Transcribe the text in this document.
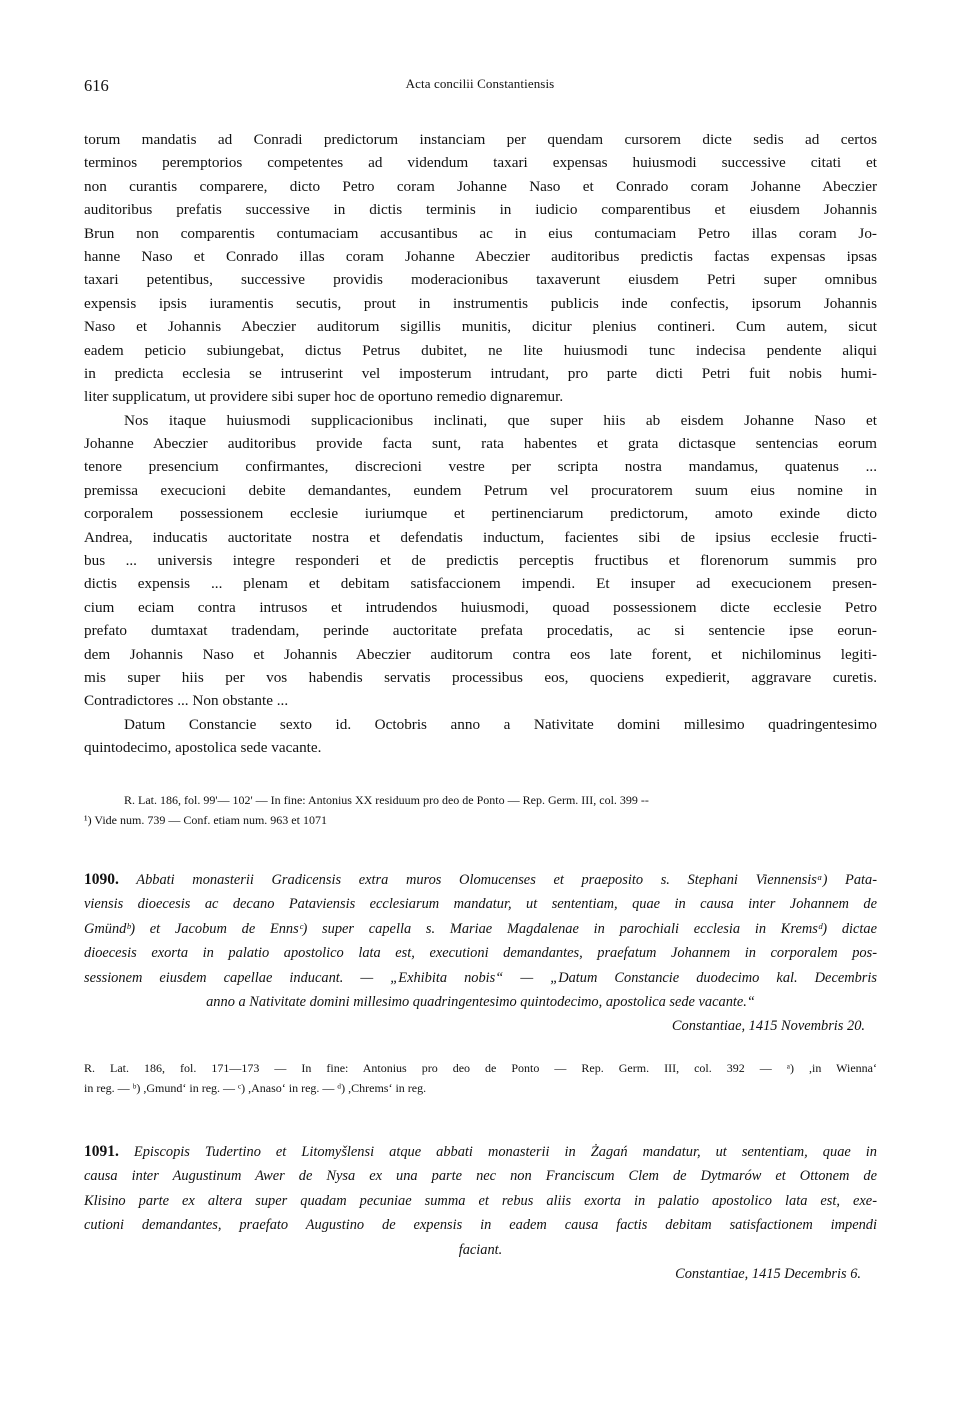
616	Acta concilii Constantiensis
torum mandatis ad Conradi predictorum instanciam per quendam cursorem dicte sedis ad certos
terminos peremptorios competentes ad videndum taxari expensas huiusmodi successive citati et
non curantis comparere, dicto Petro coram Johanne Naso et Conrado coram Johanne Abeczier
auditoribus prefatis successive in dictis terminis in iudicio comparentibus et eiusdem Johannis
Brun non comparentis contumaciam accusantibus ac in eius contumaciam Petro illas coram Jo-
hanne Naso et Conrado illas coram Johanne Abeczier auditoribus predictis factas expensas ipsas
taxari petentibus, successive providis moderacionibus taxaverunt eiusdem Petri super omnibus
expensis ipsis iuramentis secutis, prout in instrumentis publicis inde confectis, ipsorum Johannis
Naso et Johannis Abeczier auditorum sigillis munitis, dicitur plenius contineri. Cum autem, sicut
eadem peticio subiungebat, dictus Petrus dubitet, ne lite huiusmodi tunc indecisa pendente aliqui
in predicta ecclesia se intruserint vel imposterum intrudant, pro parte dicti Petri fuit nobis humi-
liter supplicatum, ut providere sibi super hoc de oportuno remedio dignaremur.
Nos itaque huiusmodi supplicacionibus inclinati, que super hiis ab eisdem Johanne Naso et
Johanne Abeczier auditoribus provide facta sunt, rata habentes et grata dictasque sentencias eorum
tenore presencium confirmantes, discrecioni vestre per scripta nostra mandamus, quatenus ...
premissa execucioni debite demandantes, eundem Petrum vel procuratorem suum eius nomine in
corporalem possessionem ecclesie iuriumque et pertinenciarum predictorum, amoto exinde dicto
Andrea, inducatis auctoritate nostra et defendatis inductum, facientes sibi de ipsius ecclesie fructi-
bus ... universis integre responderi et de predictis perceptis fructibus et florenorum summis pro
dictis expensis ... plenam et debitam satisfaccionem impendi. Et insuper ad execucionem presen-
cium eciam contra intrusos et intrudendos huiusmodi, quoad possessionem dicte ecclesie Petro
prefato dumtaxat tradendam, perinde auctoritate prefata procedatis, ac si sentencie ipse eorun-
dem Johannis Naso et Johannis Abeczier auditorum contra eos late forent, et nichilominus legiti-
mis super hiis per vos habendis servatis processibus eos, quociens expedierit, aggravare curetis.
Contradictores ... Non obstante ...
Datum Constancie sexto id. Octobris anno a Nativitate domini millesimo quadringentesimo
quintodecimo, apostolica sede vacante.
R. Lat. 186, fol. 99'— 102' — In fine: Antonius XX residuum pro deo de Ponto — Rep. Germ. III, col. 399 --
¹) Vide num. 739 — Conf. etiam num. 963 et 1071
1090. Abbati monasterii Gradicensis extra muros Olomucenses et praeposito s. Stephani Viennensisᵃ) Pata-
viensis dioecesis ac decano Pataviensis ecclesiarum mandatur, ut sententiam, quae in causa inter Johannem de
Gmündᵇ) et Jacobum de Ennsᶜ) super capella s. Mariae Magdalenae in parochiali ecclesia in Kremsᵈ) dictae
dioecesis exorta in palatio apostolico lata est, executioni demandantes, praefatum Johannem in corporalem pos-
sessionem eiusdem capellae inducant. — „Exhibita nobis“ — „Datum Constancie duodecimo kal. Decembris
anno a Nativitate domini millesimo quadringentesimo quintodecimo, apostolica sede vacante.“
Constantiae, 1415 Novembris 20.
R. Lat. 186, fol. 171—173 — In fine: Antonius pro deo de Ponto — Rep. Germ. III, col. 392 — ᵃ) ,in Wienna‘
in reg. — ᵇ) ,Gmund‘ in reg. — ᶜ) ,Anaso‘ in reg. — ᵈ) ,Chrems‘ in reg.
1091. Episcopis Tudertino et Litomyšlensi atque abbati monasterii in Żagań mandatur, ut sententiam, quae in
causa inter Augustinum Awer de Nysa ex una parte nec non Franciscum Clem de Dytmarów et Ottonem de
Klisino parte ex altera super quadam pecuniae summa et rebus aliis exorta in palatio apostolico lata est, exe-
cutioni demandantes, praefato Augustino de expensis in eadem causa factis debitam satisfactionem impendi
faciant.
Constantiae, 1415 Decembris 6.
